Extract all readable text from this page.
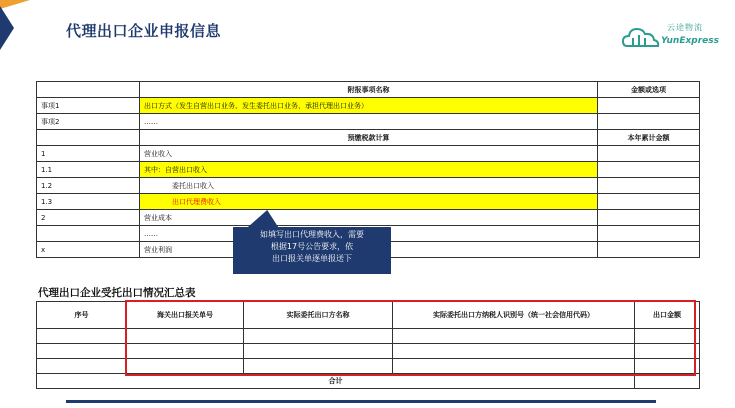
代理出口企业申报信息	云途物流
YunExpress
	附报事项名称	金额或选项
事项1	出口方式（发生自营出口业务、发生委托出口业务、承担代理出口业务）	
事项2	……	
	预缴税款计算	本年累计金额
1	营业收入	
1.1	其中：自营出口收入	
1.2	委托出口收入	
1.3	出口代理费收入	
2	营业成本	
	……	
x	营业利润	
如填写出口代理费收入，需要
根据17号公告要求，依
出口报关单逐单报送下
代理出口企业受托出口情况汇总表
序号	海关出口报关单号	实际委托出口方名称	实际委托出口方纳税人识别号（统一社会信用代码）	出口金额

合计				
